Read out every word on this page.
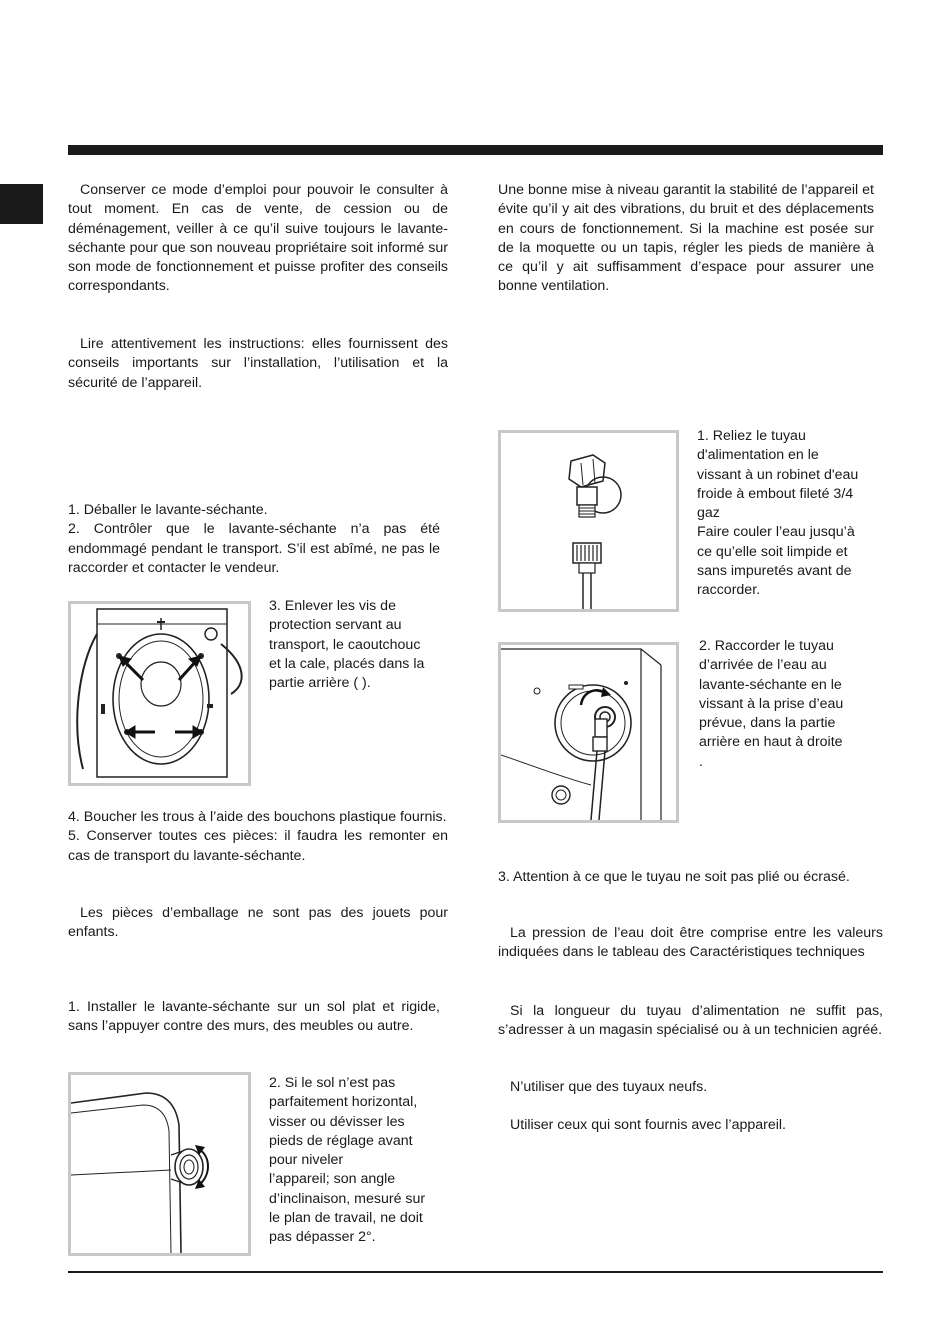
Conserver ce mode d’emploi pour pouvoir le consulter à tout moment. En cas de vente, de cession ou de déménagement, veiller à ce qu’il suive toujours le lavante-séchante pour que son nouveau propriétaire soit informé sur son mode de fonctionnement et puisse profiter des conseils correspondants.
Lire attentivement les instructions: elles fournissent des conseils importants sur l’installation, l’utilisation et la sécurité de l’appareil.
1. Déballer le lavante-séchante.
2. Contrôler que le lavante-séchante n’a pas été endommagé pendant le transport. S’il est abîmé, ne pas le raccorder et contacter le vendeur.
3. Enlever les vis de
protection servant au
transport, le caoutchouc
et la cale, placés dans la
partie arrière ( ).
4. Boucher les trous à l’aide des bouchons plastique fournis.
5. Conserver toutes ces pièces: il faudra les remonter en cas de transport du lavante-séchante.
Les pièces d’emballage ne sont pas des jouets pour enfants.
1. Installer le lavante-séchante sur un sol plat et rigide, sans l’appuyer contre des murs, des meubles ou autre.
2. Si le sol n’est pas
parfaitement horizontal,
visser ou dévisser les
pieds de réglage avant
pour niveler
l’appareil; son angle
d’inclinaison, mesuré sur
le plan de travail, ne doit
pas dépasser 2°.
Une bonne mise à niveau garantit la stabilité de l’appareil et évite qu’il y ait des vibrations, du bruit et des déplacements en cours de fonctionnement. Si la machine est posée sur de la moquette ou un tapis, régler les pieds de manière à ce qu’il y ait suffisamment d’espace pour assurer une bonne ventilation.
1. Reliez le tuyau
d'alimentation en le
vissant à un robinet d'eau
froide à embout fileté 3/4
gaz
Faire couler l’eau jusqu’à
ce qu’elle soit limpide et
sans impuretés avant de
raccorder.
2. Raccorder le tuyau
d’arrivée de l’eau au
lavante-séchante en le
vissant à la prise d’eau
prévue, dans la partie
arrière en haut à droite
.
3. Attention à ce que le tuyau ne soit pas plié ou écrasé.
La pression de l’eau doit être comprise entre les valeurs indiquées dans le tableau des Caractéristiques techniques
Si la longueur du tuyau d’alimentation ne suffit pas, s’adresser à un magasin spécialisé ou à un technicien agréé.
N’utiliser que des tuyaux neufs.
Utiliser ceux qui sont fournis avec l’appareil.
